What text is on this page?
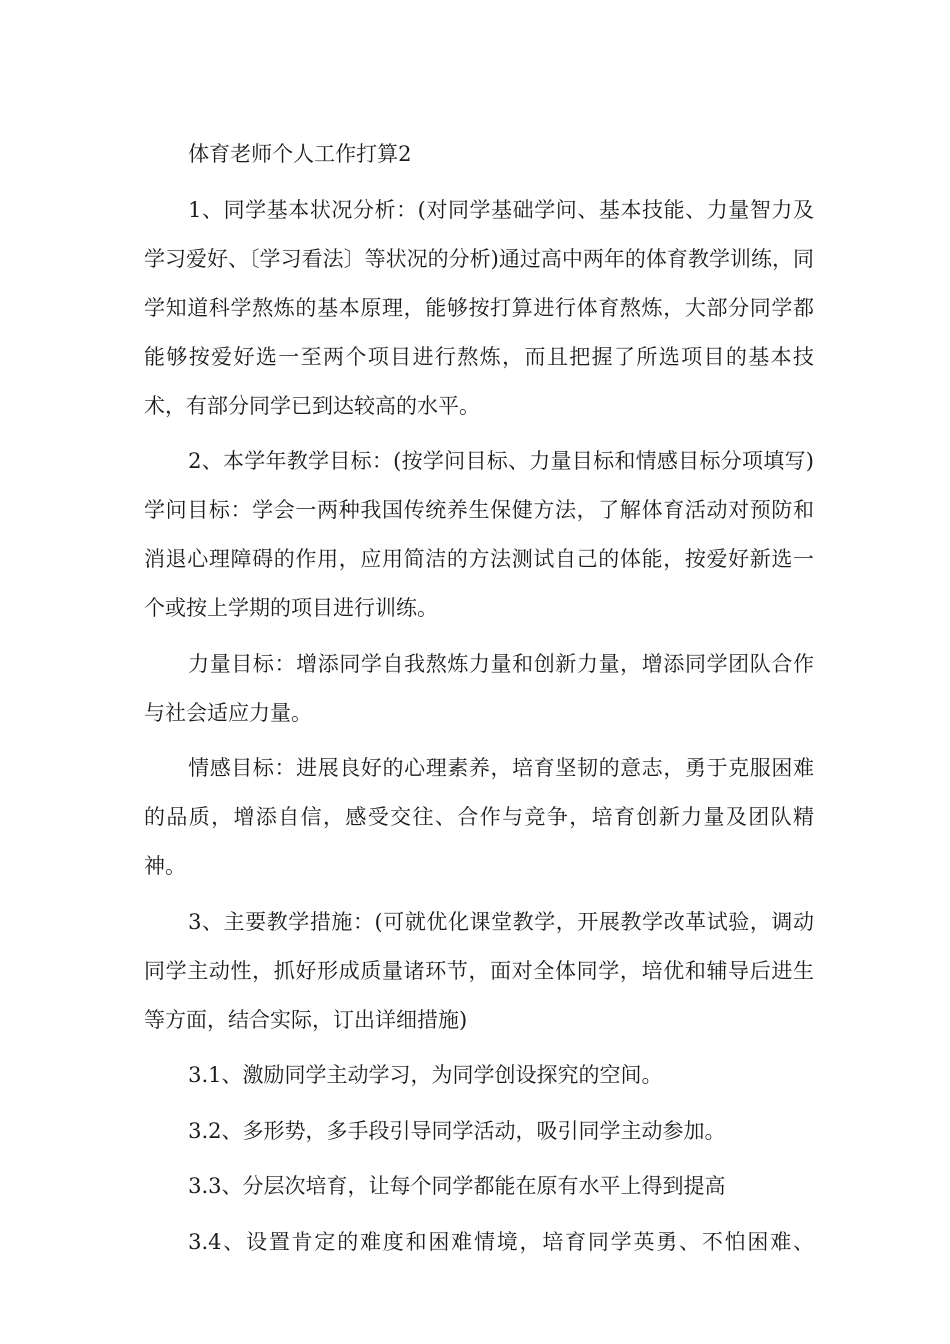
体育老师个人工作打算2

1、同学基本状况分析：(对同学基础学问、基本技能、力量智力及学习爱好、〔学习看法〕等状况的分析)通过高中两年的体育教学训练，同学知道科学熬炼的基本原理，能够按打算进行体育熬炼，大部分同学都能够按爱好选一至两个项目进行熬炼，而且把握了所选项目的基本技术，有部分同学已到达较高的水平。

2、本学年教学目标：(按学问目标、力量目标和情感目标分项填写)学问目标：学会一两种我国传统养生保健方法，了解体育活动对预防和消退心理障碍的作用，应用简洁的方法测试自己的体能，按爱好新选一个或按上学期的项目进行训练。

力量目标：增添同学自我熬炼力量和创新力量，增添同学团队合作与社会适应力量。

情感目标：进展良好的心理素养，培育坚韧的意志，勇于克服困难的品质，增添自信，感受交往、合作与竞争，培育创新力量及团队精神。

3、主要教学措施：(可就优化课堂教学，开展教学改革试验，调动同学主动性，抓好形成质量诸环节，面对全体同学，培优和辅导后进生等方面，结合实际，订出详细措施)

3.1、激励同学主动学习，为同学创设探究的空间。

3.2、多形势，多手段引导同学活动，吸引同学主动参加。

3.3、分层次培育，让每个同学都能在原有水平上得到提高

3.4、设置肯定的难度和困难情境，培育同学英勇、不怕困难、
